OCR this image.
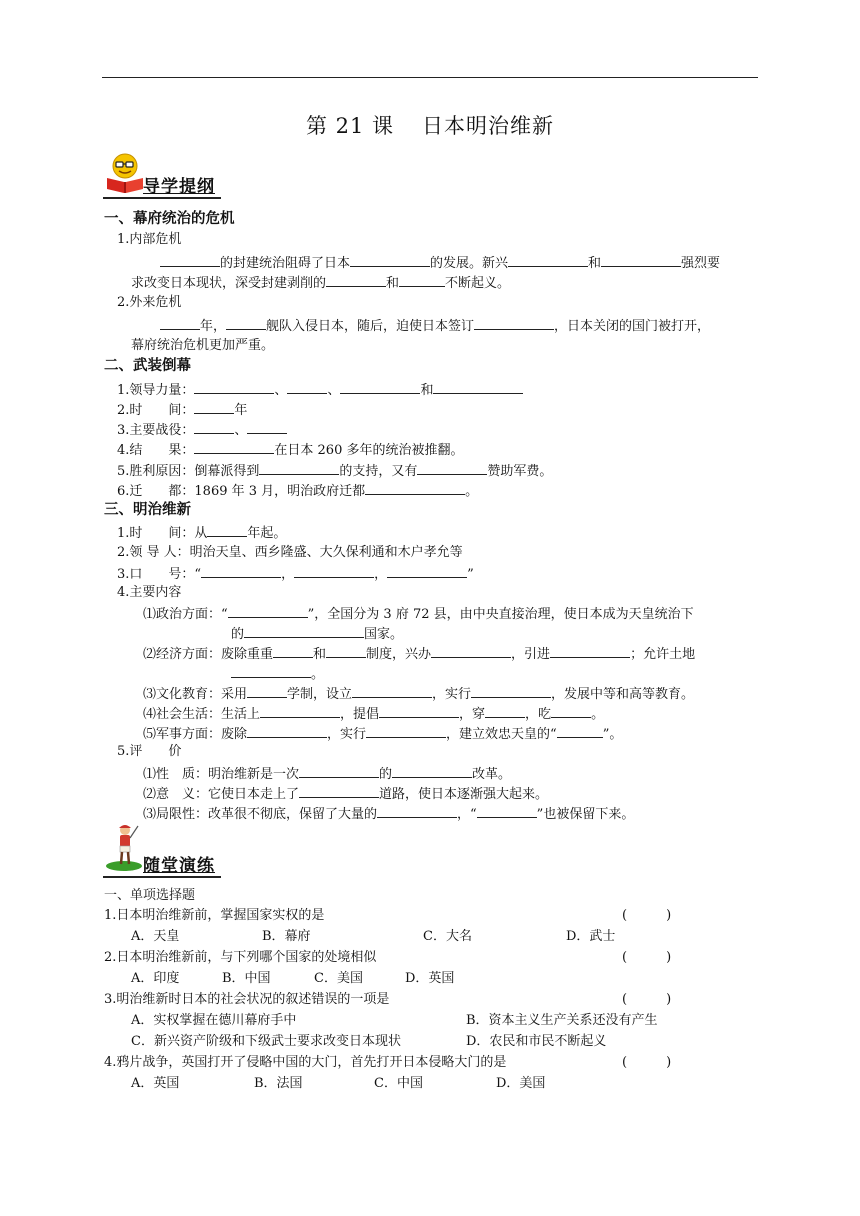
第 21 课 日本明治维新
导学提纲
一、幕府统治的危机
1.内部危机
的封建统治阻碍了日本	的发展。新兴	和	强烈要
求改变日本现状，深受封建剥削的	和	不断起义。
2.外来危机
年，	舰队入侵日本，随后，迫使日本签订	，日本关闭的国门被打开，
幕府统治危机更加严重。
二、武装倒幕
1.领导力量：	、	、	和
2.时　　间：	年
3.主要战役：	、
4.结　　果：	在日本 260 多年的统治被推翻。
5.胜利原因：倒幕派得到	的支持，又有	赞助军费。
6.迁　　都：1869 年 3 月，明治政府迁都	。
三、明治维新
1.时　　间：从	年起。
2.领 导 人：明治天皇、西乡隆盛、大久保利通和木户孝允等
3.口　　号：“	，	，	”
4.主要内容
⑴政治方面：“	”，全国分为 3 府 72 县，由中央直接治理，使日本成为天皇统治下
的	国家。
⑵经济方面：废除重重	和	制度，兴办	，引进	；允许土地
。
⑶文化教育：采用	学制，设立	，实行	，发展中等和高等教育。
⑷社会生活：生活上	，提倡	，穿	，吃	。
⑸军事方面：废除	，实行	，建立效忠天皇的“	”。
5.评　　价
⑴性　质：明治维新是一次	的	改革。
⑵意　义：它使日本走上了	道路，使日本逐渐强大起来。
⑶局限性：改革很不彻底，保留了大量的	，“	”也被保留下来。
随堂演练
一、单项选择题
1.日本明治维新前，掌握国家实权的是	(　　　)
A．天皇	B．幕府	C．大名	D．武士
2.日本明治维新前，与下列哪个国家的处境相似	(　　　)
A．印度	B．中国	C．美国	D．英国
3.明治维新时日本的社会状况的叙述错误的一项是	(　　　)
A．实权掌握在德川幕府手中	B．资本主义生产关系还没有产生
C．新兴资产阶级和下级武士要求改变日本现状	D．农民和市民不断起义
4.鸦片战争，英国打开了侵略中国的大门，首先打开日本侵略大门的是	(　　　)
A．英国	B．法国	C．中国	D．美国
